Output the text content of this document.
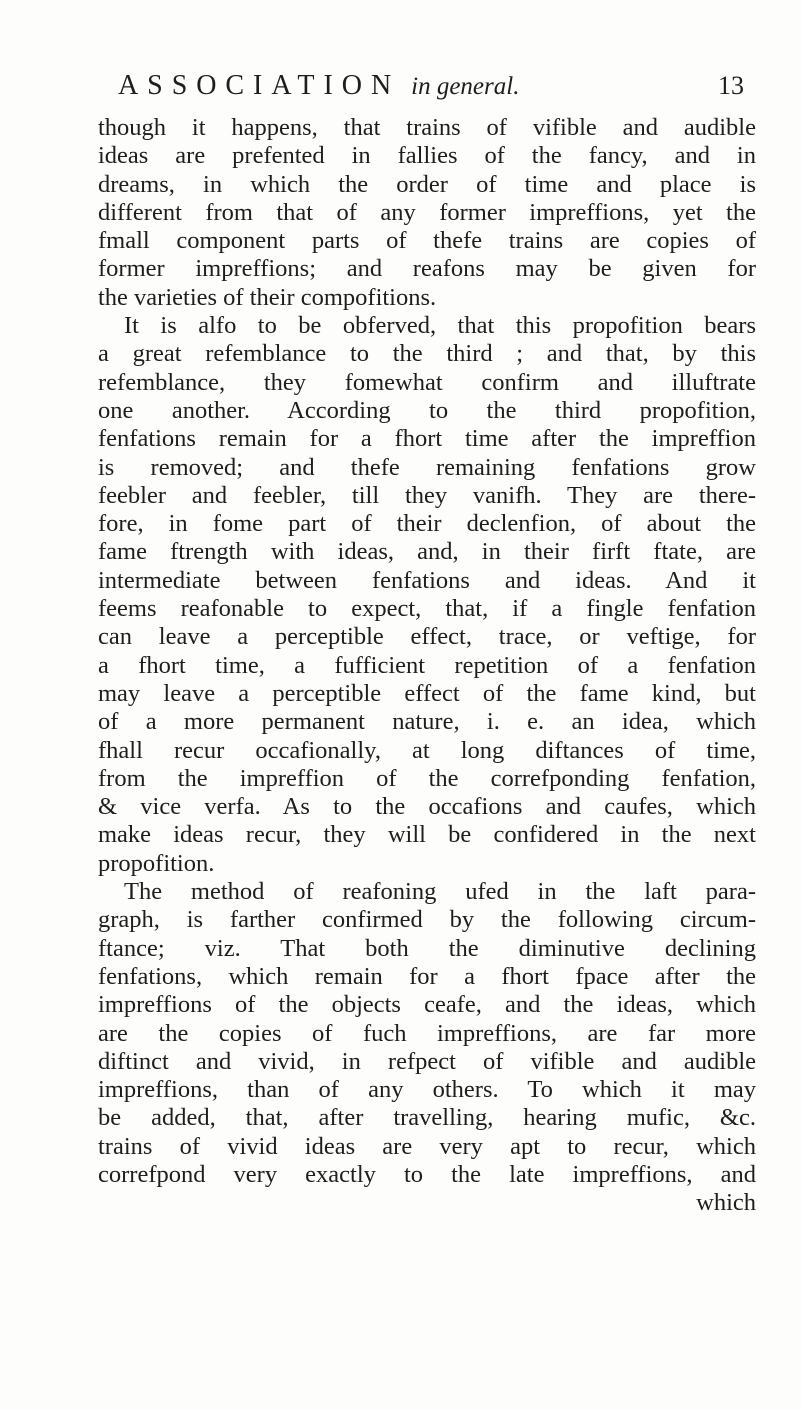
ASSOCIATION in general.	13
though it happens, that trains of vifible and audible
ideas are prefented in fallies of the fancy, and in
dreams, in which the order of time and place is
different from that of any former impreffions, yet the
fmall component parts of thefe trains are copies of
former impreffions; and reafons may be given for
the varieties of their compofitions.
It is alfo to be obferved, that this propofition bears
a great refemblance to the third ; and that, by this
refemblance, they fomewhat confirm and illuftrate
one another. According to the third propofition,
fenfations remain for a fhort time after the impreffion
is removed; and thefe remaining fenfations grow
feebler and feebler, till they vanifh. They are there-
fore, in fome part of their declenfion, of about the
fame ftrength with ideas, and, in their firft ftate, are
intermediate between fenfations and ideas. And it
feems reafonable to expect, that, if a fingle fenfation
can leave a perceptible effect, trace, or veftige, for
a fhort time, a fufficient repetition of a fenfation
may leave a perceptible effect of the fame kind, but
of a more permanent nature, i. e. an idea, which
fhall recur occafionally, at long diftances of time,
from the impreffion of the correfponding fenfation,
& vice verfa. As to the occafions and caufes, which
make ideas recur, they will be confidered in the next
propofition.
The method of reafoning ufed in the laft para-
graph, is farther confirmed by the following circum-
ftance; viz. That both the diminutive declining
fenfations, which remain for a fhort fpace after the
impreffions of the objects ceafe, and the ideas, which
are the copies of fuch impreffions, are far more
diftinct and vivid, in refpect of vifible and audible
impreffions, than of any others. To which it may
be added, that, after travelling, hearing mufic, &c.
trains of vivid ideas are very apt to recur, which
correfpond very exactly to the late impreffions, and
which
